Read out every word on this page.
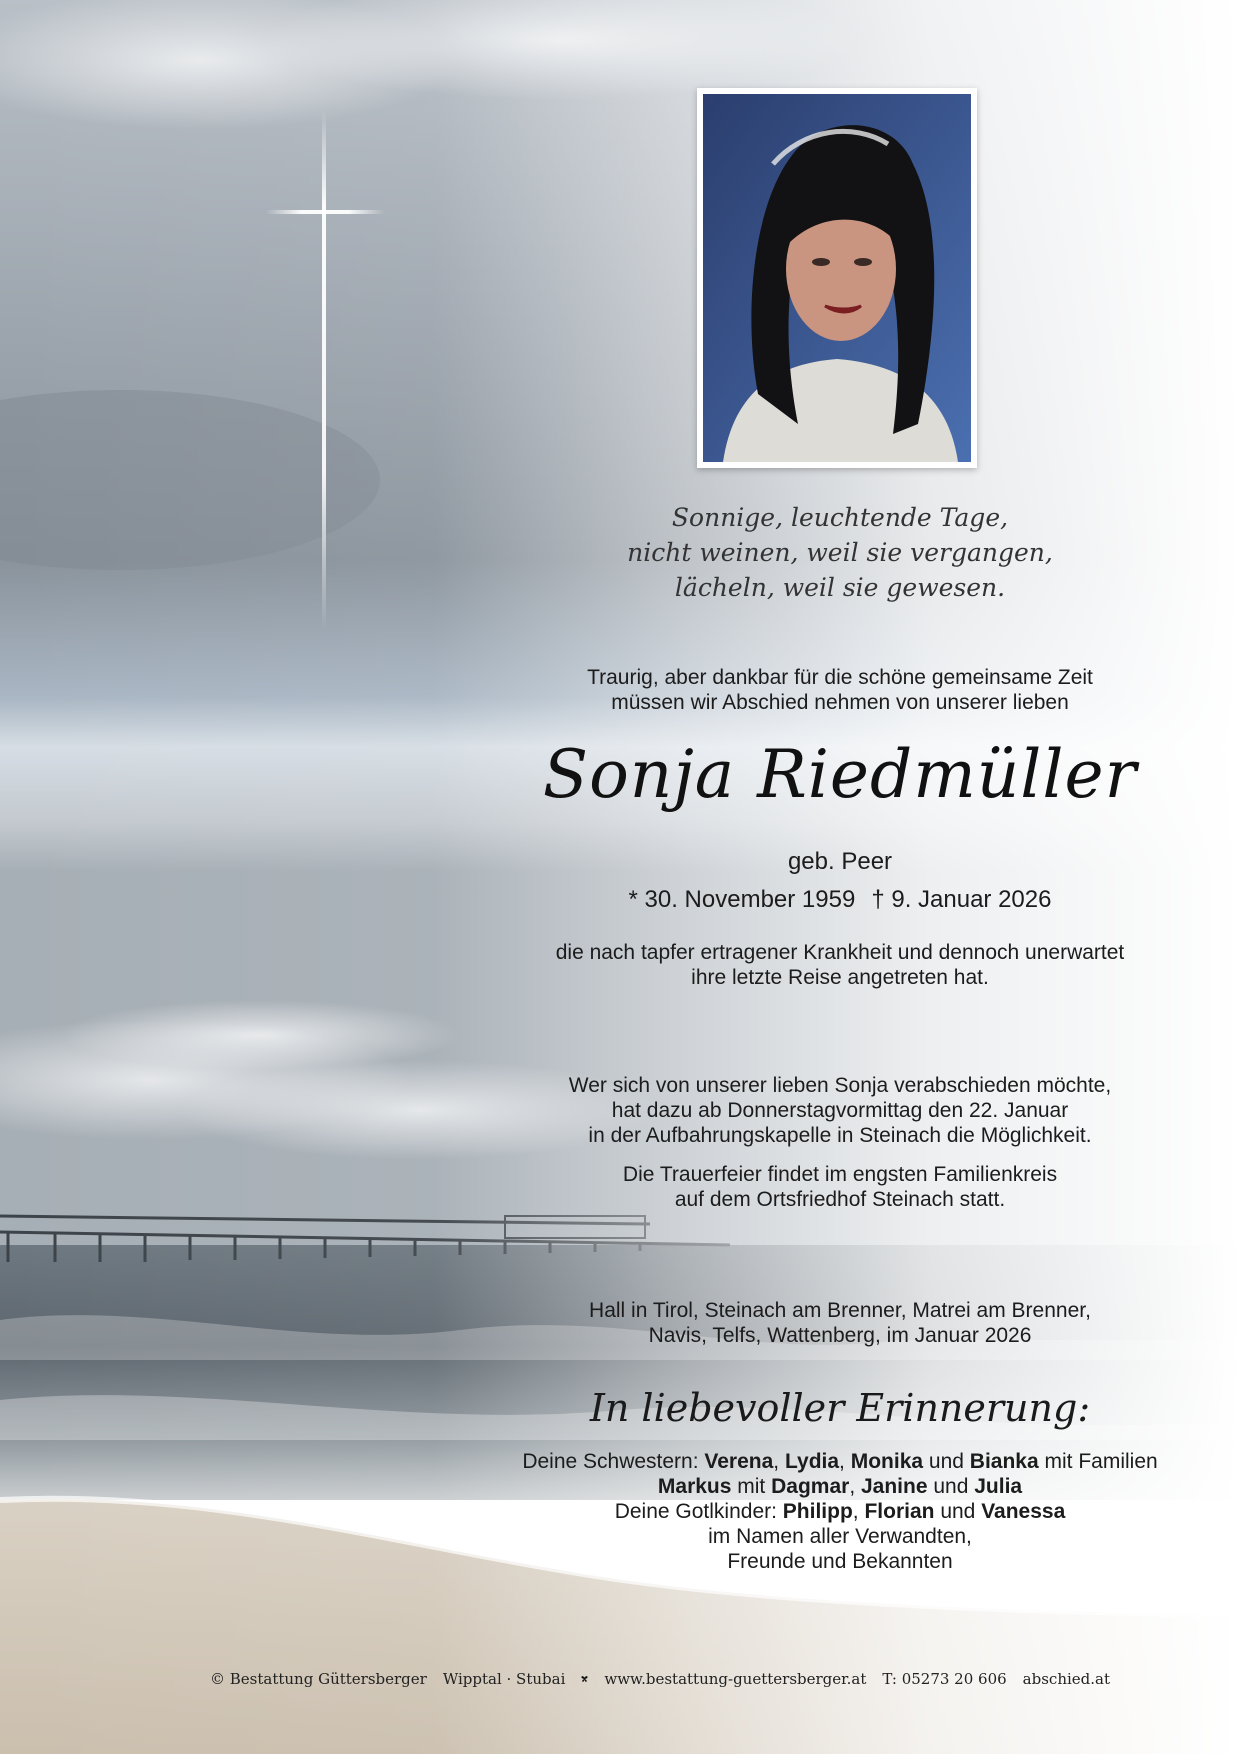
Sonnige, leuchtende Tage,
nicht weinen, weil sie vergangen,
lächeln, weil sie gewesen.
Traurig, aber dankbar für die schöne gemeinsame Zeit
müssen wir Abschied nehmen von unserer lieben
Sonja Riedmüller
geb. Peer
* 30. November 1959 † 9. Januar 2026
die nach tapfer ertragener Krankheit und dennoch unerwartet
ihre letzte Reise angetreten hat.
Wer sich von unserer lieben Sonja verabschieden möchte,
hat dazu ab Donnerstagvormittag den 22. Januar
in der Aufbahrungskapelle in Steinach die Möglichkeit.
Die Trauerfeier findet im engsten Familienkreis
auf dem Ortsfriedhof Steinach statt.
Hall in Tirol, Steinach am Brenner, Matrei am Brenner,
Navis, Telfs, Wattenberg, im Januar 2026
In liebevoller Erinnerung:
Deine Schwestern: Verena, Lydia, Monika und Bianka mit Familien
Markus mit Dagmar, Janine und Julia
Deine Gotlkinder: Philipp, Florian und Vanessa
im Namen aller Verwandten,
Freunde und Bekannten
© Bestattung Güttersberger Wipptal · Stubai	www.bestattung-guettersberger.at T: 05273 20 606 abschied.at
